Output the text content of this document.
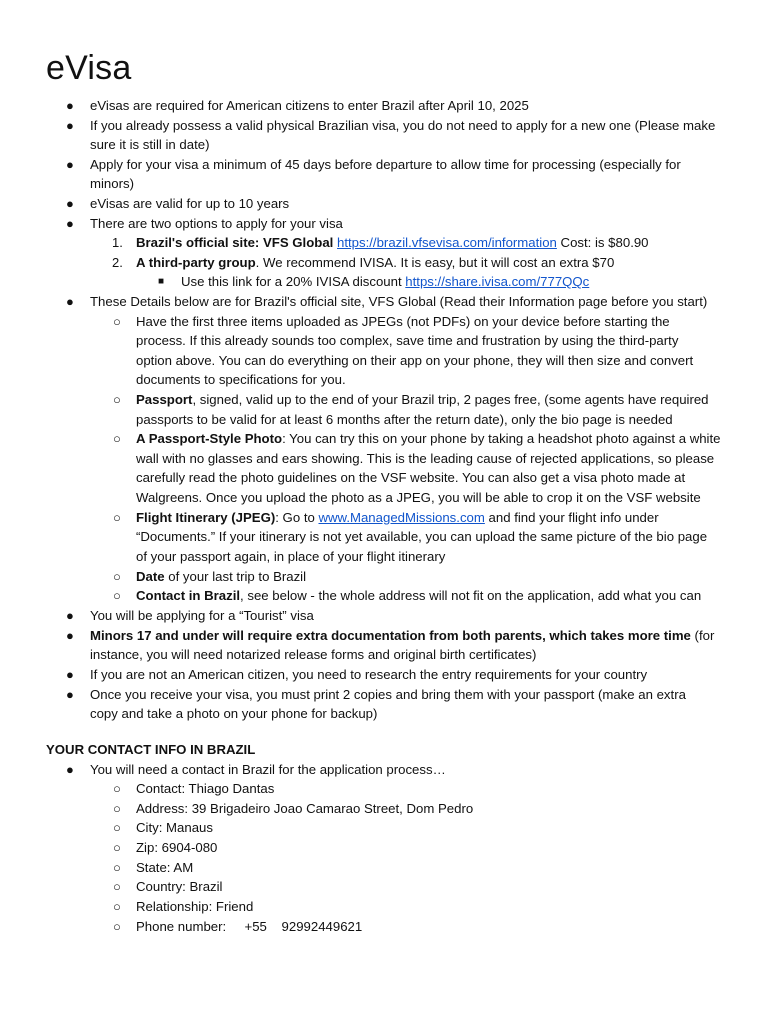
eVisa
● eVisas are required for American citizens to enter Brazil after April 10, 2025
● If you already possess a valid physical Brazilian visa, you do not need to apply for a new one (Please make
sure it is still in date)
● Apply for your visa a minimum of 45 days before departure to allow time for processing (especially for
minors)
● eVisas are valid for up to 10 years
● There are two options to apply for your visa
1. Brazil's official site: VFS Global https://brazil.vfsevisa.com/information Cost: is $80.90
2. A third-party group. We recommend IVISA. It is easy, but it will cost an extra $70
■ Use this link for a 20% IVISA discount https://share.ivisa.com/777QQc
● These Details below are for Brazil's official site, VFS Global (Read their Information page before you start)
○ Have the first three items uploaded as JPEGs (not PDFs) on your device before starting the
process. If this already sounds too complex, save time and frustration by using the third-party
option above. You can do everything on their app on your phone, they will then size and convert
documents to specifications for you.
○ Passport, signed, valid up to the end of your Brazil trip, 2 pages free, (some agents have required
passports to be valid for at least 6 months after the return date), only the bio page is needed
○ A Passport-Style Photo: You can try this on your phone by taking a headshot photo against a white
wall with no glasses and ears showing. This is the leading cause of rejected applications, so please
carefully read the photo guidelines on the VSF website. You can also get a visa photo made at
Walgreens. Once you upload the photo as a JPEG, you will be able to crop it on the VSF website
○ Flight Itinerary (JPEG): Go to www.ManagedMissions.com and find your flight info under
“Documents.” If your itinerary is not yet available, you can upload the same picture of the bio page
of your passport again, in place of your flight itinerary
○ Date of your last trip to Brazil
○ Contact in Brazil, see below - the whole address will not fit on the application, add what you can
● You will be applying for a “Tourist” visa
● Minors 17 and under will require extra documentation from both parents, which takes more time (for
instance, you will need notarized release forms and original birth certificates)
● If you are not an American citizen, you need to research the entry requirements for your country
● Once you receive your visa, you must print 2 copies and bring them with your passport (make an extra
copy and take a photo on your phone for backup)
YOUR CONTACT INFO IN BRAZIL
● You will need a contact in Brazil for the application process…
○ Contact: Thiago Dantas
○ Address: 39 Brigadeiro Joao Camarao Street, Dom Pedro
○ City: Manaus
○ Zip: 6904-080
○ State: AM
○ Country: Brazil
○ Relationship: Friend
○ Phone number:     +55    92992449621
